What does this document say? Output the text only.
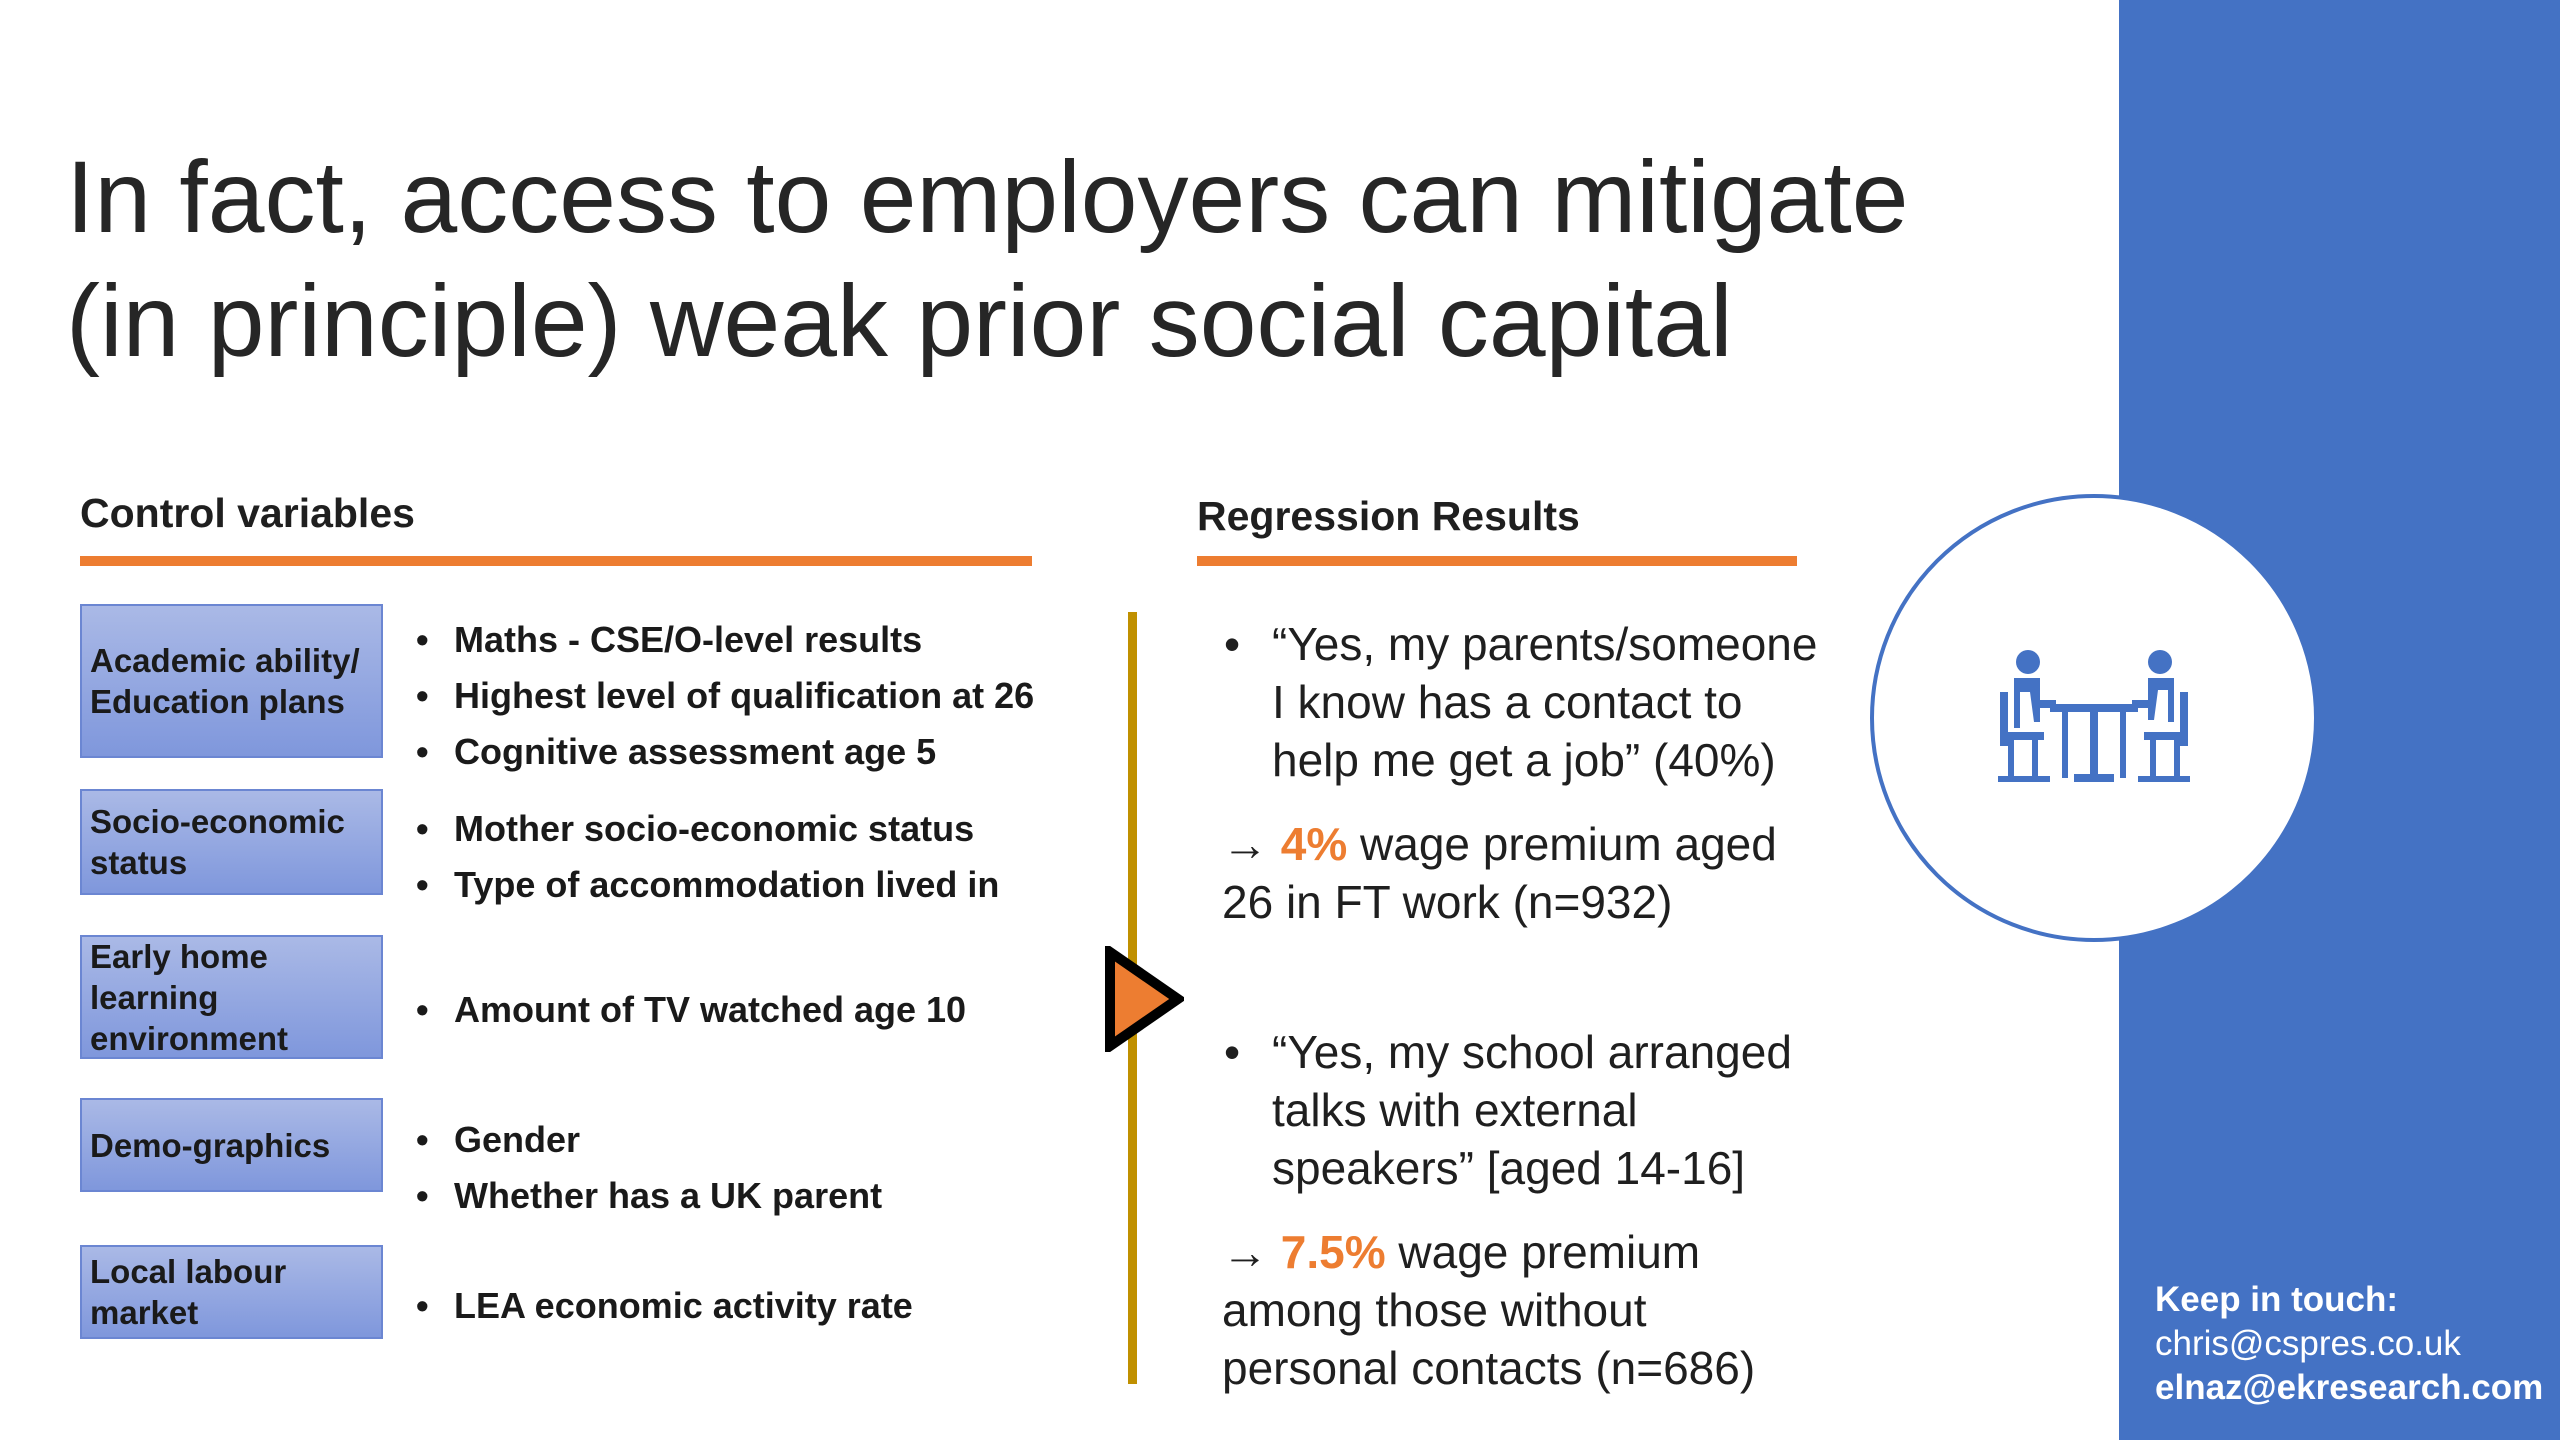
In fact, access to employers can mitigate
(in principle) weak prior social capital
Control variables
Academic ability/
Education plans
• Maths - CSE/O-level results
• Highest level of qualification at 26
• Cognitive assessment age 5
Socio-economic
status
• Mother socio-economic status
• Type of accommodation lived in
Early home
learning
environment
• Amount of TV watched age 10
Demo-graphics	• Gender
• Whether has a UK parent
Local labour
market	• LEA economic activity rate
Regression Results
• “Yes, my parents/someone
I know has a contact to
help me get a job” (40%)
→ 4% wage premium aged
26 in FT work (n=932)
• “Yes, my school arranged
talks with external
speakers” [aged 14-16]
→ 7.5% wage premium
among those without
personal contacts (n=686)
Keep in touch:
chris@cspres.co.uk
elnaz@ekresearch.com
